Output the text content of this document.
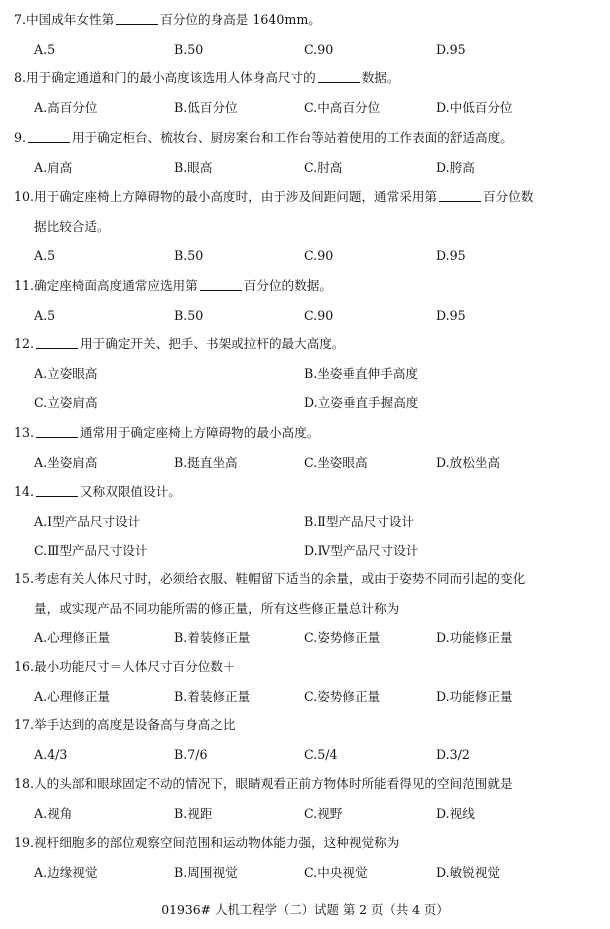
01936# 人机工程学（二）试题 第 2 页（共 4 页）
7.中国成年女性第	百分位的身高是 1640mm。
A.5	B.50	C.90	D.95
8.用于确定通道和门的最小高度该选用人体身高尺寸的	数据。
A.高百分位	B.低百分位	C.中高百分位	D.中低百分位
9.	用于确定柜台、梳妆台、厨房案台和工作台等站着使用的工作表面的舒适高度。
A.肩高	B.眼高	C.肘高	D.胯高
10.用于确定座椅上方障碍物的最小高度时，由于涉及间距问题，通常采用第	百分位数
据比较合适。
A.5	B.50	C.90	D.95
11.确定座椅面高度通常应选用第	百分位的数据。
A.5	B.50	C.90	D.95
12.	用于确定开关、把手、书架或拉杆的最大高度。
A.立姿眼高	B.坐姿垂直伸手高度
C.立姿肩高	D.立姿垂直手握高度
13.	通常用于确定座椅上方障碍物的最小高度。
A.坐姿肩高	B.挺直坐高	C.坐姿眼高	D.放松坐高
14.	又称双限值设计。
A.Ⅰ型产品尺寸设计	B.Ⅱ型产品尺寸设计
C.Ⅲ型产品尺寸设计	D.Ⅳ型产品尺寸设计
15.考虑有关人体尺寸时，必须给衣服、鞋帽留下适当的余量，或由于姿势不同而引起的变化
量，或实现产品不同功能所需的修正量，所有这些修正量总计称为
A.心理修正量	B.着装修正量	C.姿势修正量	D.功能修正量
16.最小功能尺寸＝人体尺寸百分位数＋
A.心理修正量	B.着装修正量	C.姿势修正量	D.功能修正量
17.举手达到的高度是设备高与身高之比
A.4/3	B.7/6	C.5/4	D.3/2
18.人的头部和眼球固定不动的情况下，眼睛观看正前方物体时所能看得见的空间范围就是
A.视角	B.视距	C.视野	D.视线
19.视杆细胞多的部位观察空间范围和运动物体能力强，这种视觉称为
A.边缘视觉	B.周围视觉	C.中央视觉	D.敏锐视觉
